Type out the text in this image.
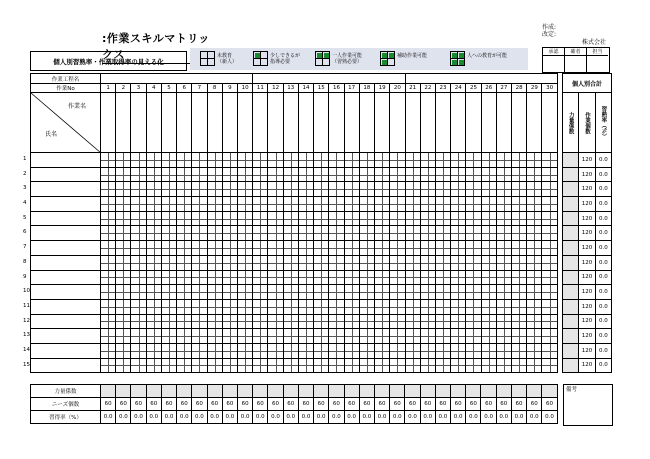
:作業スキルマトリックス
作成:
改定:
株式会社
承認	確者	担当
個人別習熟率・作業取得率の見える化
未教育
（新人）
少しできるが
指導必要
一人作業可能
（習熟必要）
補助作業可能	人への教育が可能
作業工程名																														
作業No	1	2	3	4	5	6	7	8	9	10	11	12	13	14	15	16	17	18	19	20	21	22	23	24	25	26	27	28	29	30

作業名
氏名																														

1																														

2																														

3																														

4																														

5																														

6																														

7																														

8																														

9																														

10																														

11																														

12																														

13																														

14																														

15																														

個人別合計		
力量係数	作業個数	習熟率（%）
	120	0.0
	120	0.0
	120	0.0
	120	0.0
	120	0.0
	120	0.0
	120	0.0
	120	0.0
	120	0.0
	120	0.0
	120	0.0
	120	0.0
	120	0.0
	120	0.0
	120	0.0
力量係数																														
ニーズ個数	60	60	60	60	60	60	60	60	60	60	60	60	60	60	60	60	60	60	60	60	60	60	60	60	60	60	60	60	60	60
習得率（%）	0.0	0.0	0.0	0.0	0.0	0.0	0.0	0.0	0.0	0.0	0.0	0.0	0.0	0.0	0.0	0.0	0.0	0.0	0.0	0.0	0.0	0.0	0.0	0.0	0.0	0.0	0.0	0.0	0.0	0.0
備考
